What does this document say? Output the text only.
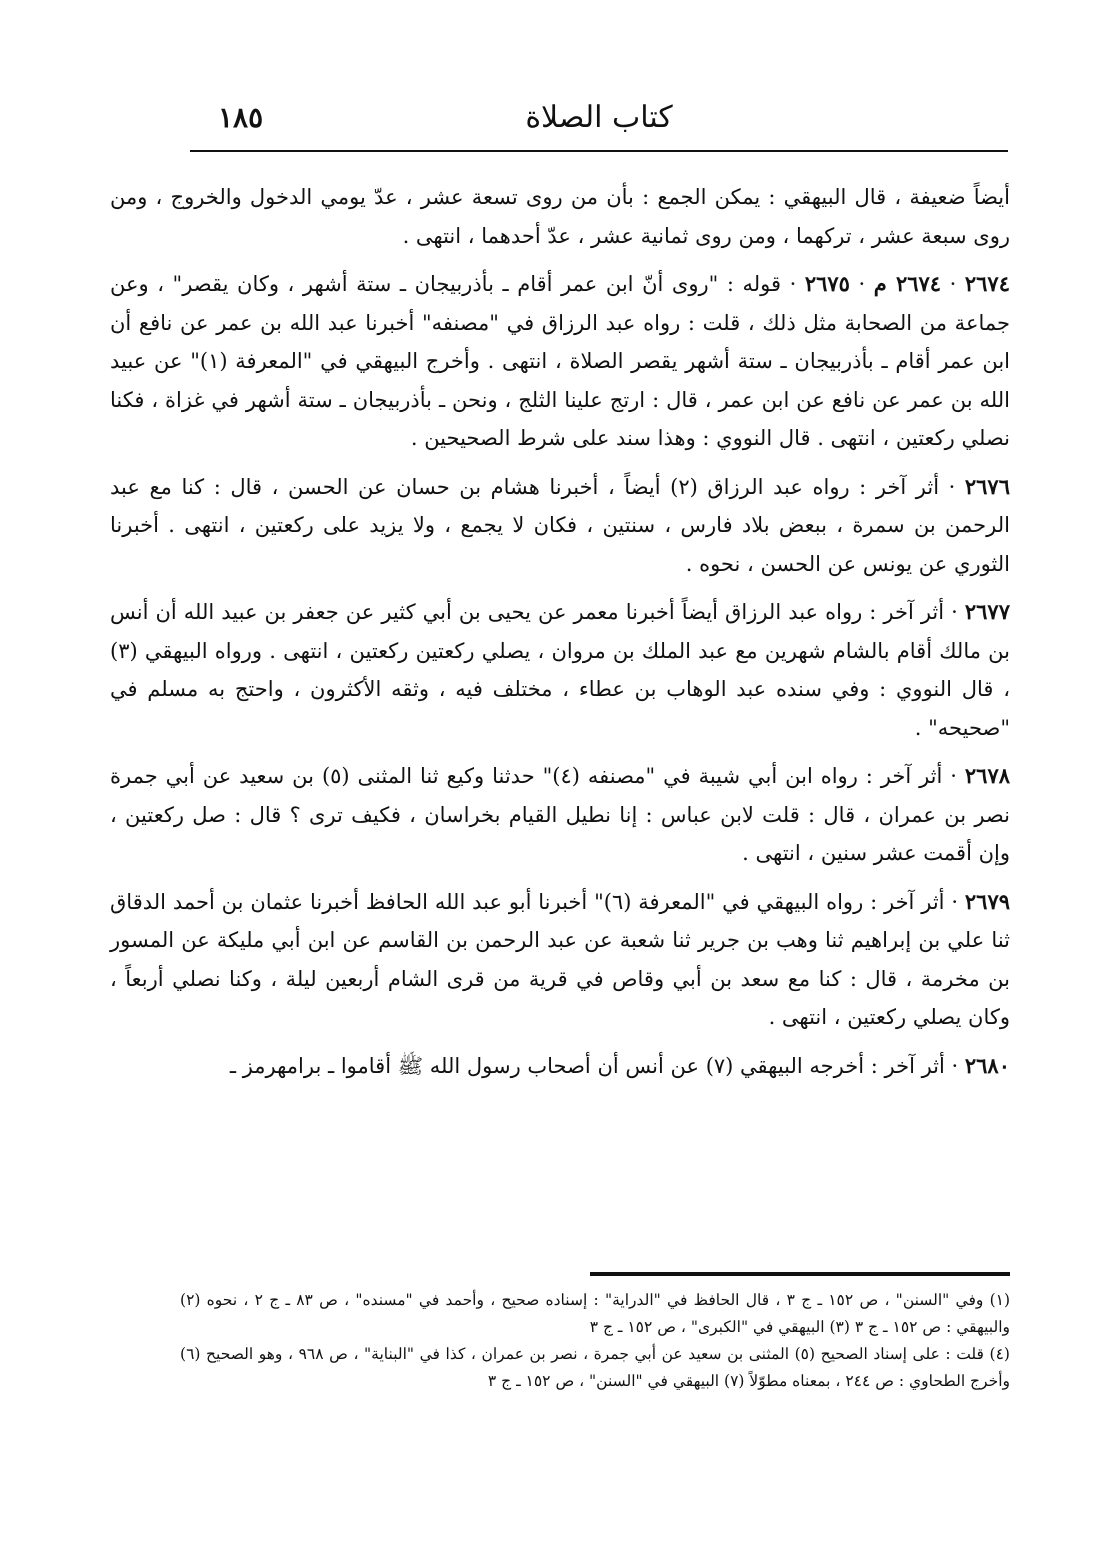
كتاب الصلاة
١٨٥

أيضاً ضعيفة ، قال البيهقي : يمكن الجمع : بأن من روى تسعة عشر ، عدّ يومي الدخول والخروج ، ومن روى سبعة عشر ، تركهما ، ومن روى ثمانية عشر ، عدّ أحدهما ، انتهى .

٢٦٧٤ · ٢٦٧٤ م · ٢٦٧٥ · قوله : "روى أنّ ابن عمر أقام ـ بأذربيجان ـ ستة أشهر ، وكان يقصر" ، وعن جماعة من الصحابة مثل ذلك ، قلت : رواه عبد الرزاق في "مصنفه" أخبرنا عبد الله بن عمر عن نافع أن ابن عمر أقام ـ بأذربيجان ـ ستة أشهر يقصر الصلاة ، انتهى . وأخرج البيهقي في "المعرفة (١)" عن عبيد الله بن عمر عن نافع عن ابن عمر ، قال : ارتج علينا الثلج ، ونحن ـ بأذربيجان ـ ستة أشهر في غزاة ، فكنا نصلي ركعتين ، انتهى . قال النووي : وهذا سند على شرط الصحيحين .

٢٦٧٦ · أثر آخر : رواه عبد الرزاق (٢) أيضاً ، أخبرنا هشام بن حسان عن الحسن ، قال : كنا مع عبد الرحمن بن سمرة ، ببعض بلاد فارس ، سنتين ، فكان لا يجمع ، ولا يزيد على ركعتين ، انتهى . أخبرنا الثوري عن يونس عن الحسن ، نحوه .

٢٦٧٧ · أثر آخر : رواه عبد الرزاق أيضاً أخبرنا معمر عن يحيى بن أبي كثير عن جعفر بن عبيد الله أن أنس بن مالك أقام بالشام شهرين مع عبد الملك بن مروان ، يصلي ركعتين ركعتين ، انتهى . ورواه البيهقي (٣) ، قال النووي : وفي سنده عبد الوهاب بن عطاء ، مختلف فيه ، وثقه الأكثرون ، واحتج به مسلم في "صحيحه" .

٢٦٧٨ · أثر آخر : رواه ابن أبي شيبة في "مصنفه (٤)" حدثنا وكيع ثنا المثنى (٥) بن سعيد عن أبي جمرة نصر بن عمران ، قال : قلت لابن عباس : إنا نطيل القيام بخراسان ، فكيف ترى ؟ قال : صل ركعتين ، وإن أقمت عشر سنين ، انتهى .

٢٦٧٩ · أثر آخر : رواه البيهقي في "المعرفة (٦)" أخبرنا أبو عبد الله الحافظ أخبرنا عثمان بن أحمد الدقاق ثنا علي بن إبراهيم ثنا وهب بن جرير ثنا شعبة عن عبد الرحمن بن القاسم عن ابن أبي مليكة عن المسور بن مخرمة ، قال : كنا مع سعد بن أبي وقاص في قرية من قرى الشام أربعين ليلة ، وكنا نصلي أربعاً ، وكان يصلي ركعتين ، انتهى .

٢٦٨٠ · أثر آخر : أخرجه البيهقي (٧) عن أنس أن أصحاب رسول الله ﷺ أقاموا ـ برامهرمز ـ

(١) وفي "السنن" ، ص ١٥٢ ـ ج ٣ ، قال الحافظ في "الدراية" : إسناده صحيح ، وأحمد في "مسنده" ، ص ٨٣ ـ ج ٢ ، نحوه (٢) والبيهقي : ص ١٥٢ ـ ج ٣ (٣) البيهقي في "الكبرى" ، ص ١٥٢ ـ ج ٣

(٤) قلت : على إسناد الصحيح (٥) المثنى بن سعيد عن أبي جمرة ، نصر بن عمران ، كذا في "البناية" ، ص ٩٦٨ ، وهو الصحيح (٦) وأخرج الطحاوي : ص ٢٤٤ ، بمعناه مطوّلاً (٧) البيهقي في "السنن" ، ص ١٥٢ ـ ج ٣
